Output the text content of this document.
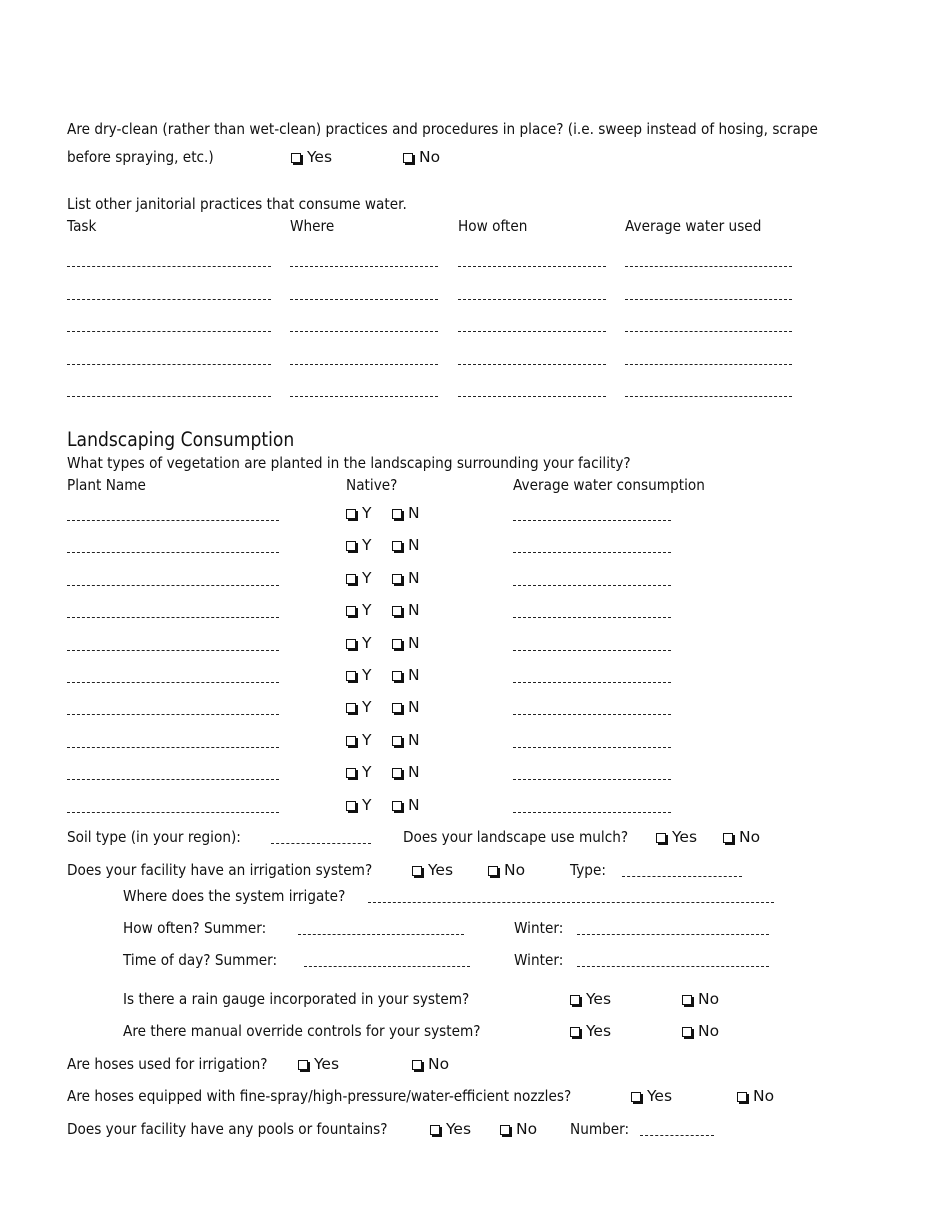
Are dry-clean (rather than wet-clean) practices and procedures in place? (i.e. sweep instead of hosing, scrape
before spraying, etc.)	Yes	No
List other janitorial practices that consume water.
Task	Where	How often	Average water used
Landscaping Consumption
What types of vegetation are planted in the landscaping surrounding your facility?
Plant Name	Native?	Average water consumption
Y	N
Y	N
Y	N
Y	N
Y	N
Y	N
Y	N
Y	N
Y	N
Y	N
Soil type (in your region):	Does your landscape use mulch?	Yes	No
Does your facility have an irrigation system?	Yes	No	Type:
Where does the system irrigate?
How often? Summer:	Winter:
Time of day? Summer:	Winter:
Is there a rain gauge incorporated in your system?	Yes	No
Are there manual override controls for your system?	Yes	No
Are hoses used for irrigation?	Yes	No
Are hoses equipped with fine-spray/high-pressure/water-efficient nozzles?	Yes	No
Does your facility have any pools or fountains?	Yes	No Number:
